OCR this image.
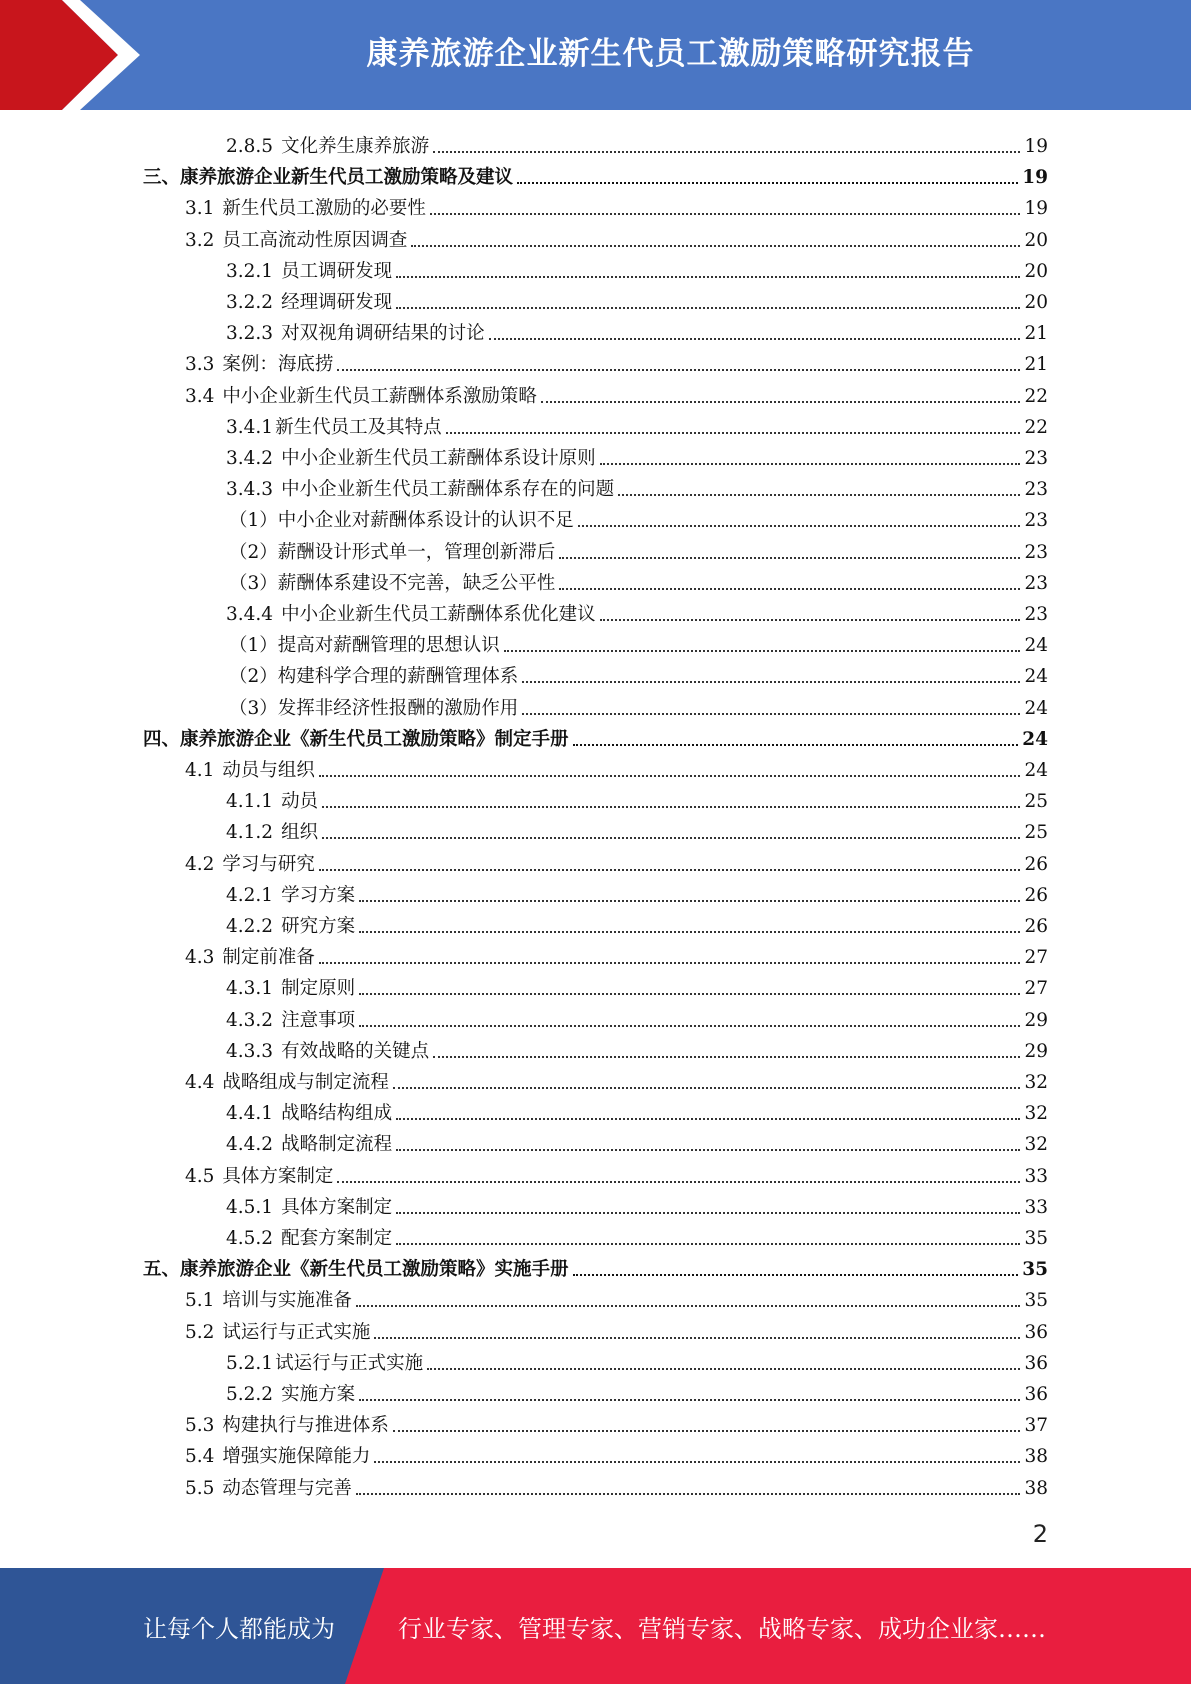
康养旅游企业新生代员工激励策略研究报告
2.8.5 文化养生康养旅游	19
三、康养旅游企业新生代员工激励策略及建议	19
3.1 新生代员工激励的必要性	19
3.2 员工高流动性原因调查	20
3.2.1 员工调研发现	20
3.2.2 经理调研发现	20
3.2.3 对双视角调研结果的讨论	21
3.3 案例：海底捞	21
3.4 中小企业新生代员工薪酬体系激励策略	22
3.4.1 新生代员工及其特点	22
3.4.2 中小企业新生代员工薪酬体系设计原则	23
3.4.3 中小企业新生代员工薪酬体系存在的问题	23
（1）中小企业对薪酬体系设计的认识不足	23
（2）薪酬设计形式单一，管理创新滞后	23
（3）薪酬体系建设不完善，缺乏公平性	23
3.4.4 中小企业新生代员工薪酬体系优化建议	23
（1）提高对薪酬管理的思想认识	24
（2）构建科学合理的薪酬管理体系	24
（3）发挥非经济性报酬的激励作用	24
四、康养旅游企业《新生代员工激励策略》制定手册	24
4.1 动员与组织	24
4.1.1 动员	25
4.1.2 组织	25
4.2 学习与研究	26
4.2.1 学习方案	26
4.2.2 研究方案	26
4.3 制定前准备	27
4.3.1 制定原则	27
4.3.2 注意事项	29
4.3.3 有效战略的关键点	29
4.4 战略组成与制定流程	32
4.4.1 战略结构组成	32
4.4.2 战略制定流程	32
4.5 具体方案制定	33
4.5.1 具体方案制定	33
4.5.2 配套方案制定	35
五、康养旅游企业《新生代员工激励策略》实施手册	35
5.1 培训与实施准备	35
5.2 试运行与正式实施	36
5.2.1 试运行与正式实施	36
5.2.2 实施方案	36
5.3 构建执行与推进体系	37
5.4 增强实施保障能力	38
5.5 动态管理与完善	38
2
让每个人都能成为	行业专家、管理专家、营销专家、战略专家、成功企业家……
